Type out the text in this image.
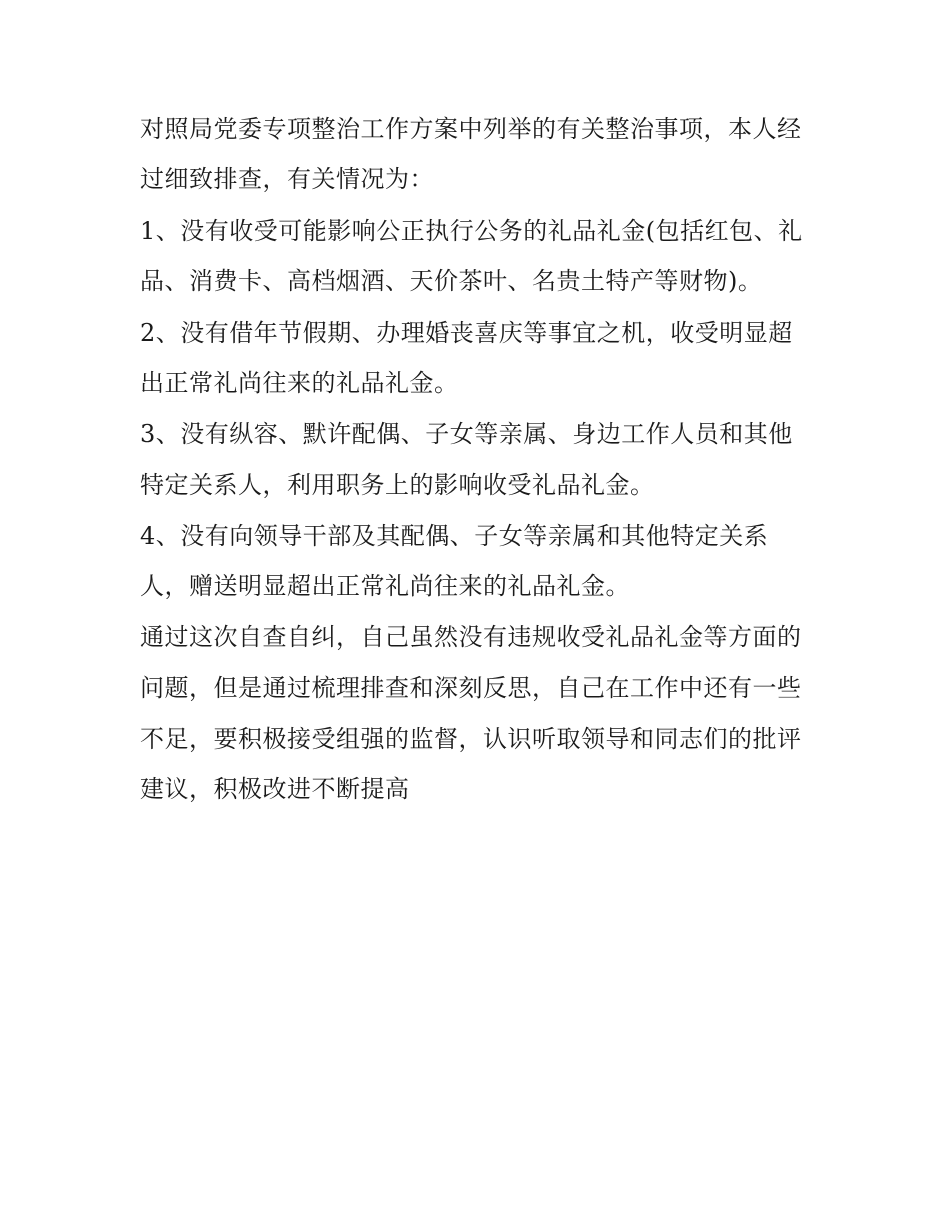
对照局党委专项整治工作方案中列举的有关整治事项，本人经
过细致排查，有关情况为：
1、没有收受可能影响公正执行公务的礼品礼金(包括红包、礼
品、消费卡、高档烟酒、天价茶叶、名贵土特产等财物)。
2、没有借年节假期、办理婚丧喜庆等事宜之机，收受明显超
出正常礼尚往来的礼品礼金。
3、没有纵容、默许配偶、子女等亲属、身边工作人员和其他
特定关系人，利用职务上的影响收受礼品礼金。
4、没有向领导干部及其配偶、子女等亲属和其他特定关系
人，赠送明显超出正常礼尚往来的礼品礼金。
通过这次自查自纠，自己虽然没有违规收受礼品礼金等方面的
问题，但是通过梳理排查和深刻反思，自己在工作中还有一些
不足，要积极接受组强的监督，认识听取领导和同志们的批评
建议，积极改进不断提高
